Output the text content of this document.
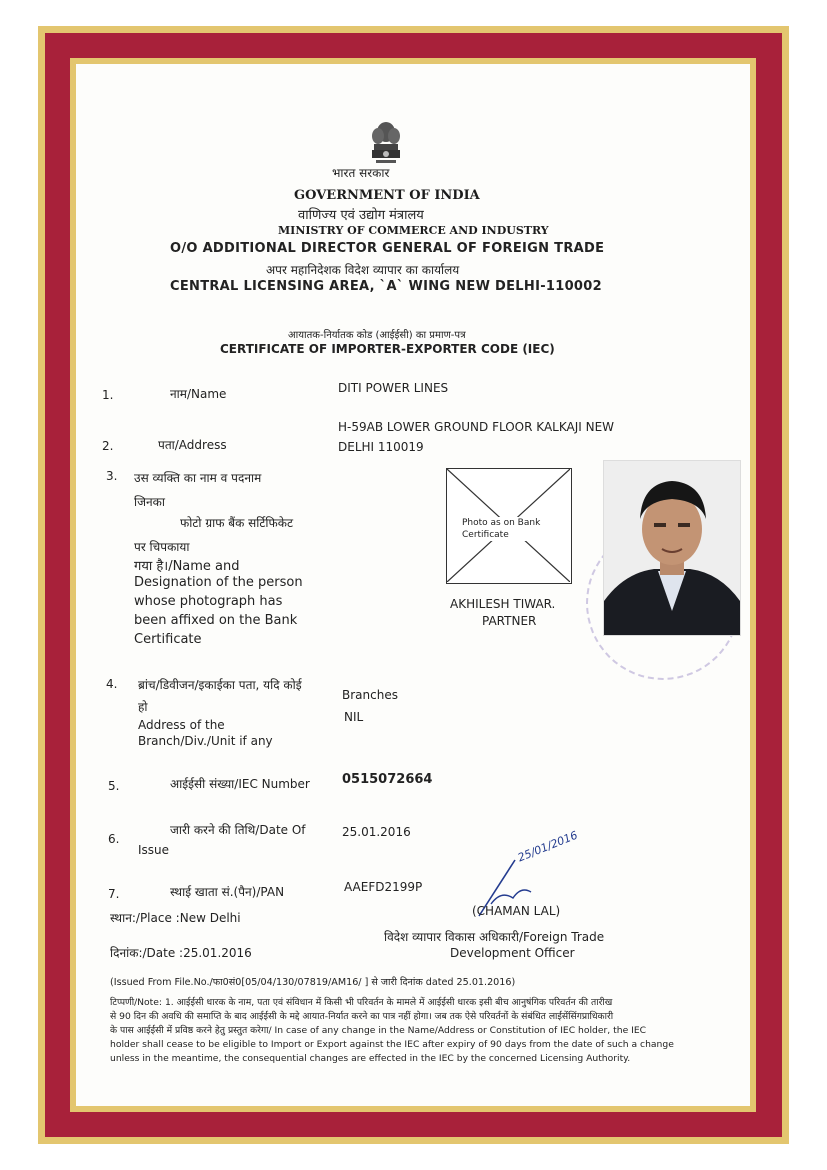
भारत सरकार
GOVERNMENT OF INDIA
वाणिज्य एवं उद्योग मंत्रालय
MINISTRY OF COMMERCE AND INDUSTRY
O/O ADDITIONAL DIRECTOR GENERAL OF FOREIGN TRADE
अपर महानिदेशक विदेश व्यापार का कार्यालय
CENTRAL LICENSING AREA, `A` WING NEW DELHI-110002
आयातक-निर्यातक कोड (आईईसी) का प्रमाण-पत्र
CERTIFICATE OF IMPORTER-EXPORTER CODE (IEC)
1.	नाम/Name	DITI POWER LINES
2.	पता/Address
H-59AB LOWER GROUND FLOOR KALKAJI NEW
DELHI 110019
3. उस व्यक्ति का नाम व पदनाम
जिनका
फोटो ग्राफ बैंक सर्टिफिकेट
पर चिपकाया
गया है।/Name and
Designation of the person
whose photograph has
been affixed on the Bank
Certificate
Photo as on Bank Certificate
AKHILESH TIWAR.
PARTNER
4. ब्रांच/डिवीजन/इकाईका पता, यदि कोई
हो
Address of the
Branch/Div./Unit if any
Branches
NIL
5.	आईईसी संख्या/IEC Number 0515072664
6.
जारी करने की तिथि/Date Of
Issue
25.01.2016
7.	स्थाई खाता सं.(पैन)/PAN	AAEFD2199P
25/01/2016
स्थान:/Place :New Delhi
दिनांक:/Date :25.01.2016
(CHAMAN LAL)
विदेश व्यापार विकास अधिकारी/Foreign Trade
Development Officer
(Issued From File.No./फा0सं0[05/04/130/07819/AM16/ ] से जारी दिनांक dated 25.01.2016)
टिप्पणी/Note: 1. आईईसी धारक के नाम, पता एवं संविधान में किसी भी परिवर्तन के मामले में आईईसी धारक इसी बीच आनुषंगिक परिवर्तन की तारीख
से 90 दिन की अवधि की समाप्ति के बाद आईईसी के मद्दे आयात-निर्यात करने का पात्र नहीं होगा। जब तक ऐसे परिवर्तनों के संबंधित लाईसेंसिंगप्राधिकारी
के पास आईईसी में प्रविष्ठ करने हेतु प्रस्तुत करेगा/ In case of any change in the Name/Address or Constitution of IEC holder, the IEC
holder shall cease to be eligible to Import or Export against the IEC after expiry of 90 days from the date of such a change
unless in the meantime, the consequential changes are effected in the IEC by the concerned Licensing Authority.
